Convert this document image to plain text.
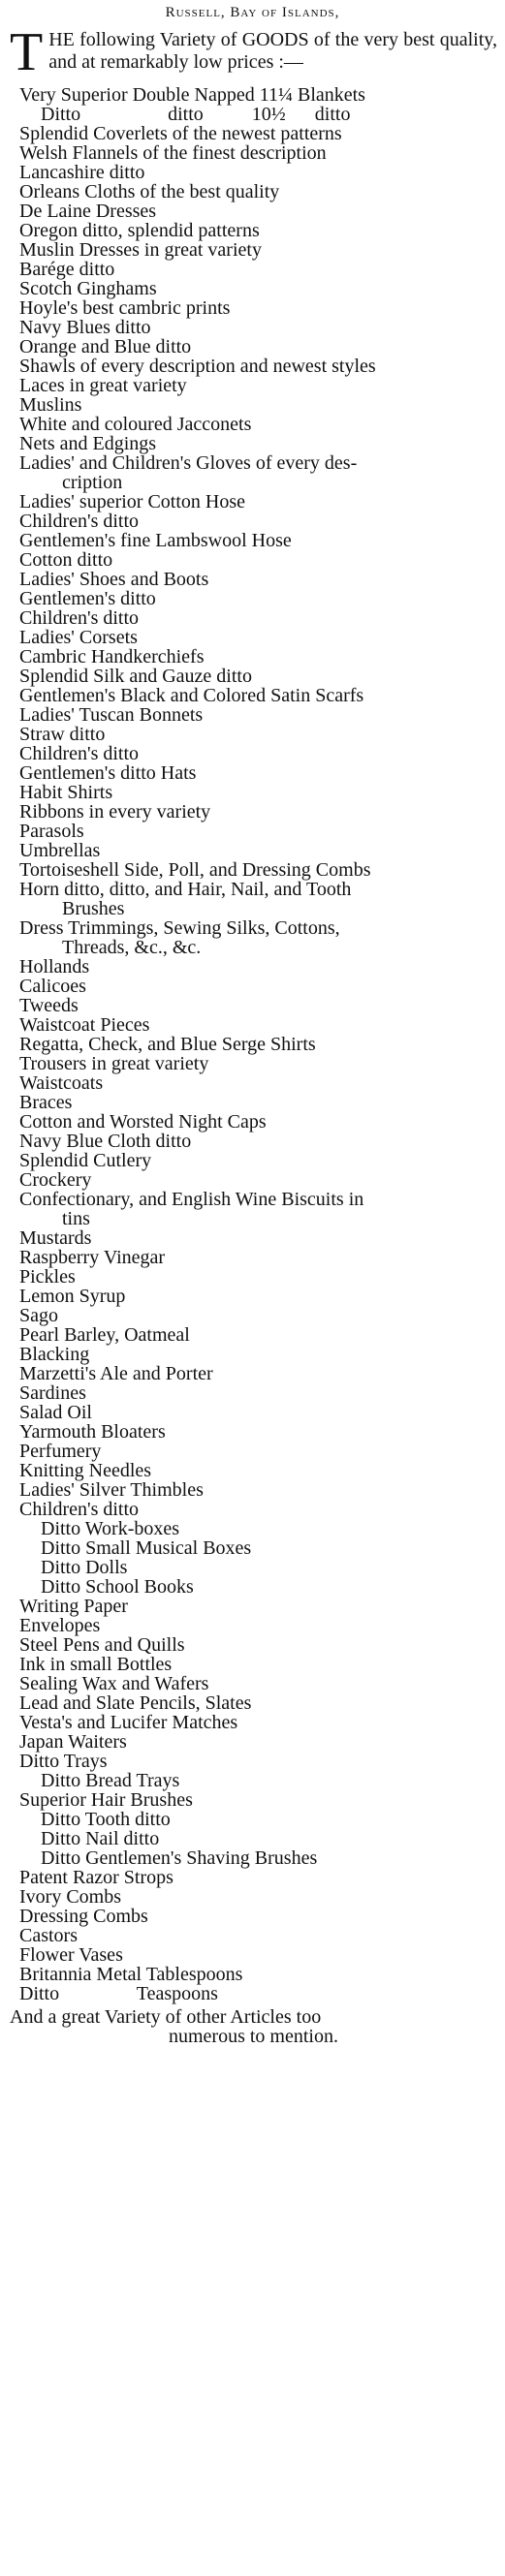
Russell, Bay of Islands,
T HE following Variety of GOODS of the very best quality, and at remarkably low prices :—
Very Superior Double Napped 11¼ Blankets
Ditto                  ditto          10½      ditto
Splendid Coverlets of the newest patterns
Welsh Flannels of the finest description
Lancashire ditto
Orleans Cloths of the best quality
De Laine Dresses
Oregon ditto, splendid patterns
Muslin Dresses in great variety
Barége ditto
Scotch Ginghams
Hoyle's best cambric prints
Navy Blues ditto
Orange and Blue ditto
Shawls of every description and newest styles
Laces in great variety
Muslins
White and coloured Jacconets
Nets and Edgings
Ladies' and Children's Gloves of every des-
cription
Ladies' superior Cotton Hose
Children's ditto
Gentlemen's fine Lambswool Hose
Cotton ditto
Ladies' Shoes and Boots
Gentlemen's ditto
Children's ditto
Ladies' Corsets
Cambric Handkerchiefs
Splendid Silk and Gauze ditto
Gentlemen's Black and Colored Satin Scarfs
Ladies' Tuscan Bonnets
Straw ditto
Children's ditto
Gentlemen's ditto Hats
Habit Shirts
Ribbons in every variety
Parasols
Umbrellas
Tortoiseshell Side, Poll, and Dressing Combs
Horn ditto, ditto, and Hair, Nail, and Tooth
Brushes
Dress Trimmings, Sewing Silks, Cottons,
Threads, &c., &c.
Hollands
Calicoes
Tweeds
Waistcoat Pieces
Regatta, Check, and Blue Serge Shirts
Trousers in great variety
Waistcoats
Braces
Cotton and Worsted Night Caps
Navy Blue Cloth ditto
Splendid Cutlery
Crockery
Confectionary, and English Wine Biscuits in
tins
Mustards
Raspberry Vinegar
Pickles
Lemon Syrup
Sago
Pearl Barley, Oatmeal
Blacking
Marzetti's Ale and Porter
Sardines
Salad Oil
Yarmouth Bloaters
Perfumery
Knitting Needles
Ladies' Silver Thimbles
Children's ditto
Ditto Work-boxes
Ditto Small Musical Boxes
Ditto Dolls
Ditto School Books
Writing Paper
Envelopes
Steel Pens and Quills
Ink in small Bottles
Sealing Wax and Wafers
Lead and Slate Pencils, Slates
Vesta's and Lucifer Matches
Japan Waiters
Ditto Trays
Ditto Bread Trays
Superior Hair Brushes
Ditto Tooth ditto
Ditto Nail ditto
Ditto Gentlemen's Shaving Brushes
Patent Razor Strops
Ivory Combs
Dressing Combs
Castors
Flower Vases
Britannia Metal Tablespoons
Ditto                Teaspoons
And a great Variety of other Articles too
numerous to mention.
